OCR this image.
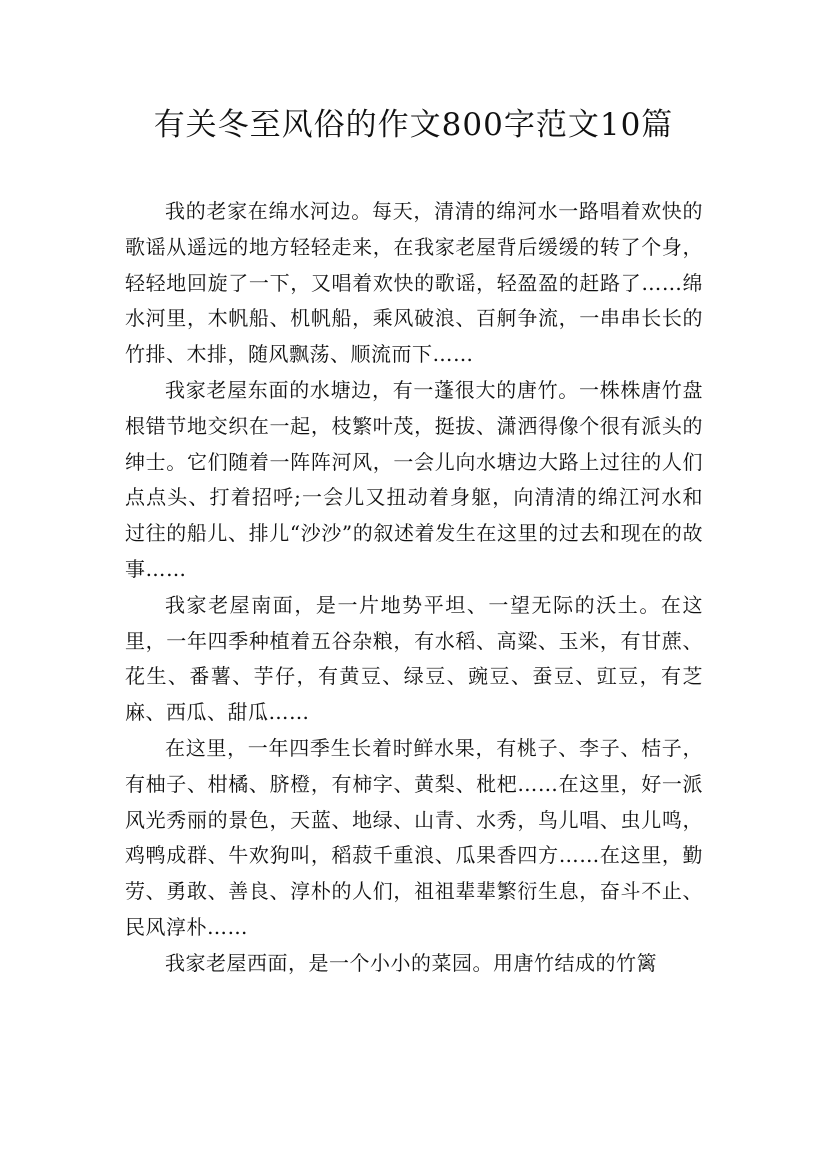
有关冬至风俗的作文800字范文10篇

我的老家在绵水河边。每天，清清的绵河水一路唱着欢快的歌谣从遥远的地方轻轻走来，在我家老屋背后缓缓的转了个身，轻轻地回旋了一下，又唱着欢快的歌谣，轻盈盈的赶路了……绵水河里，木帆船、机帆船，乘风破浪、百舸争流，一串串长长的竹排、木排，随风飘荡、顺流而下……

我家老屋东面的水塘边，有一蓬很大的唐竹。一株株唐竹盘根错节地交织在一起，枝繁叶茂，挺拔、潇洒得像个很有派头的绅士。它们随着一阵阵河风，一会儿向水塘边大路上过往的人们点点头、打着招呼;一会儿又扭动着身躯，向清清的绵江河水和过往的船儿、排儿“沙沙”的叙述着发生在这里的过去和现在的故事……

我家老屋南面，是一片地势平坦、一望无际的沃土。在这里，一年四季种植着五谷杂粮，有水稻、高粱、玉米，有甘蔗、花生、番薯、芋仔，有黄豆、绿豆、豌豆、蚕豆、豇豆，有芝麻、西瓜、甜瓜……

在这里，一年四季生长着时鲜水果，有桃子、李子、桔子，有柚子、柑橘、脐橙，有柿字、黄梨、枇杷……在这里，好一派风光秀丽的景色，天蓝、地绿、山青、水秀，鸟儿唱、虫儿鸣，鸡鸭成群、牛欢狗叫，稻菽千重浪、瓜果香四方……在这里，勤劳、勇敢、善良、淳朴的人们，祖祖辈辈繁衍生息，奋斗不止、民风淳朴……

我家老屋西面，是一个小小的菜园。用唐竹结成的竹篱
